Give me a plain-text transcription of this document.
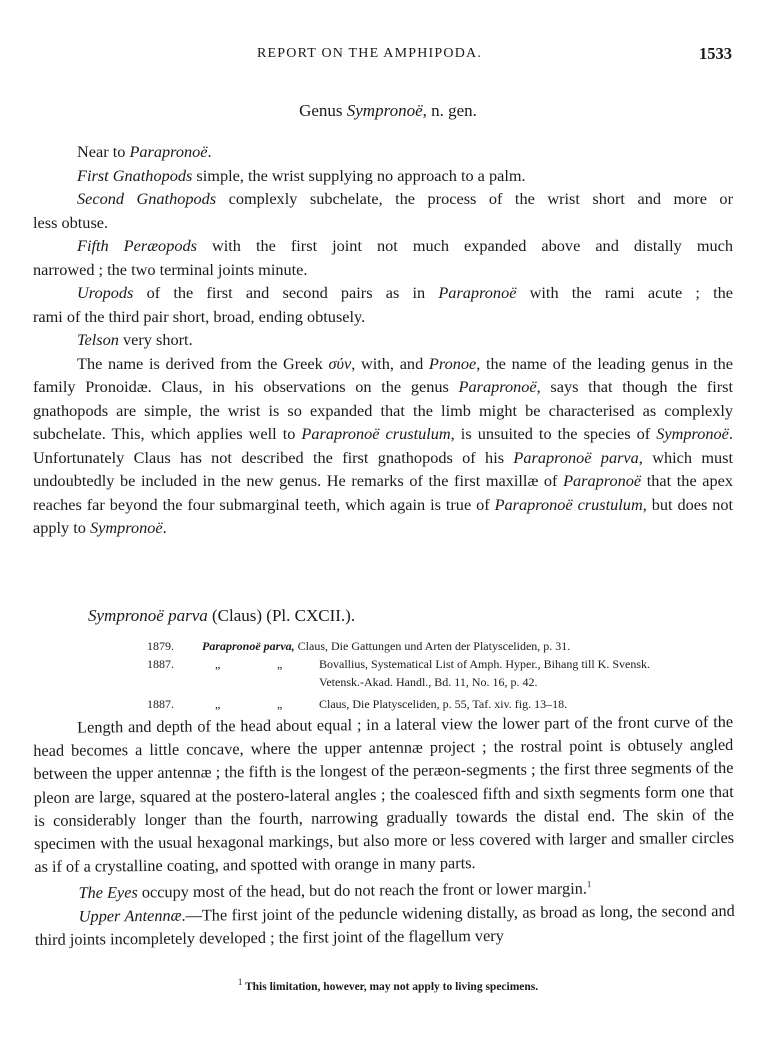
REPORT ON THE AMPHIPODA.	1533
Genus Sympronoë, n. gen.

Near to Parapronoë.

First Gnathopods simple, the wrist supplying no approach to a palm.

Second Gnathopods complexly subchelate, the process of the wrist short and more or

less obtuse.

Fifth Peræopods with the first joint not much expanded above and distally much

narrowed ; the two terminal joints minute.

Uropods of the first and second pairs as in Parapronoë with the rami acute ; the

rami of the third pair short, broad, ending obtusely.

Telson very short.

The name is derived from the Greek σύν, with, and Pronoe, the name of the leading genus in the family Pronoidæ. Claus, in his observations on the genus Parapronoë, says that though the first gnathopods are simple, the wrist is so expanded that the limb might be characterised as complexly subchelate. This, which applies well to Parapronoë crustulum, is unsuited to the species of Sympronoë. Unfortunately Claus has not described the first gnathopods of his Parapronoë parva, which must undoubtedly be included in the new genus. He remarks of the first maxillæ of Parapronoë that the apex reaches far beyond the four submarginal teeth, which again is true of Parapronoë crustulum, but does not apply to Sympronoë.

Sympronoë parva (Claus) (Pl. CXCII.).
1879. Parapronoë parva, Claus, Die Gattungen und Arten der Platysceliden, p. 31.
1887.	„	„	Bovallius, Systematical List of Amph. Hyper., Bihang till K. Svensk.
Vetensk.-Akad. Handl., Bd. 11, No. 16, p. 42.
1887.	„	„	Claus, Die Platysceliden, p. 55, Taf. xiv. fig. 13–18.

Length and depth of the head about equal ; in a lateral view the lower part of the front curve of the head becomes a little concave, where the upper antennæ project ; the rostral point is obtusely angled between the upper antennæ ; the fifth is the longest of the peræon-segments ; the first three segments of the pleon are large, squared at the postero-lateral angles ; the coalesced fifth and sixth segments form one that is considerably longer than the fourth, narrowing gradually towards the distal end. The skin of the specimen with the usual hexagonal markings, but also more or less covered with larger and smaller circles as if of a crystalline coating, and spotted with orange in many parts.

The Eyes occupy most of the head, but do not reach the front or lower margin.$^1$

Upper Antennæ.—The first joint of the peduncle widening distally, as broad as long, the second and third joints incompletely developed ; the first joint of the flagellum very

$^1$ This limitation, however, may not apply to living specimens.
